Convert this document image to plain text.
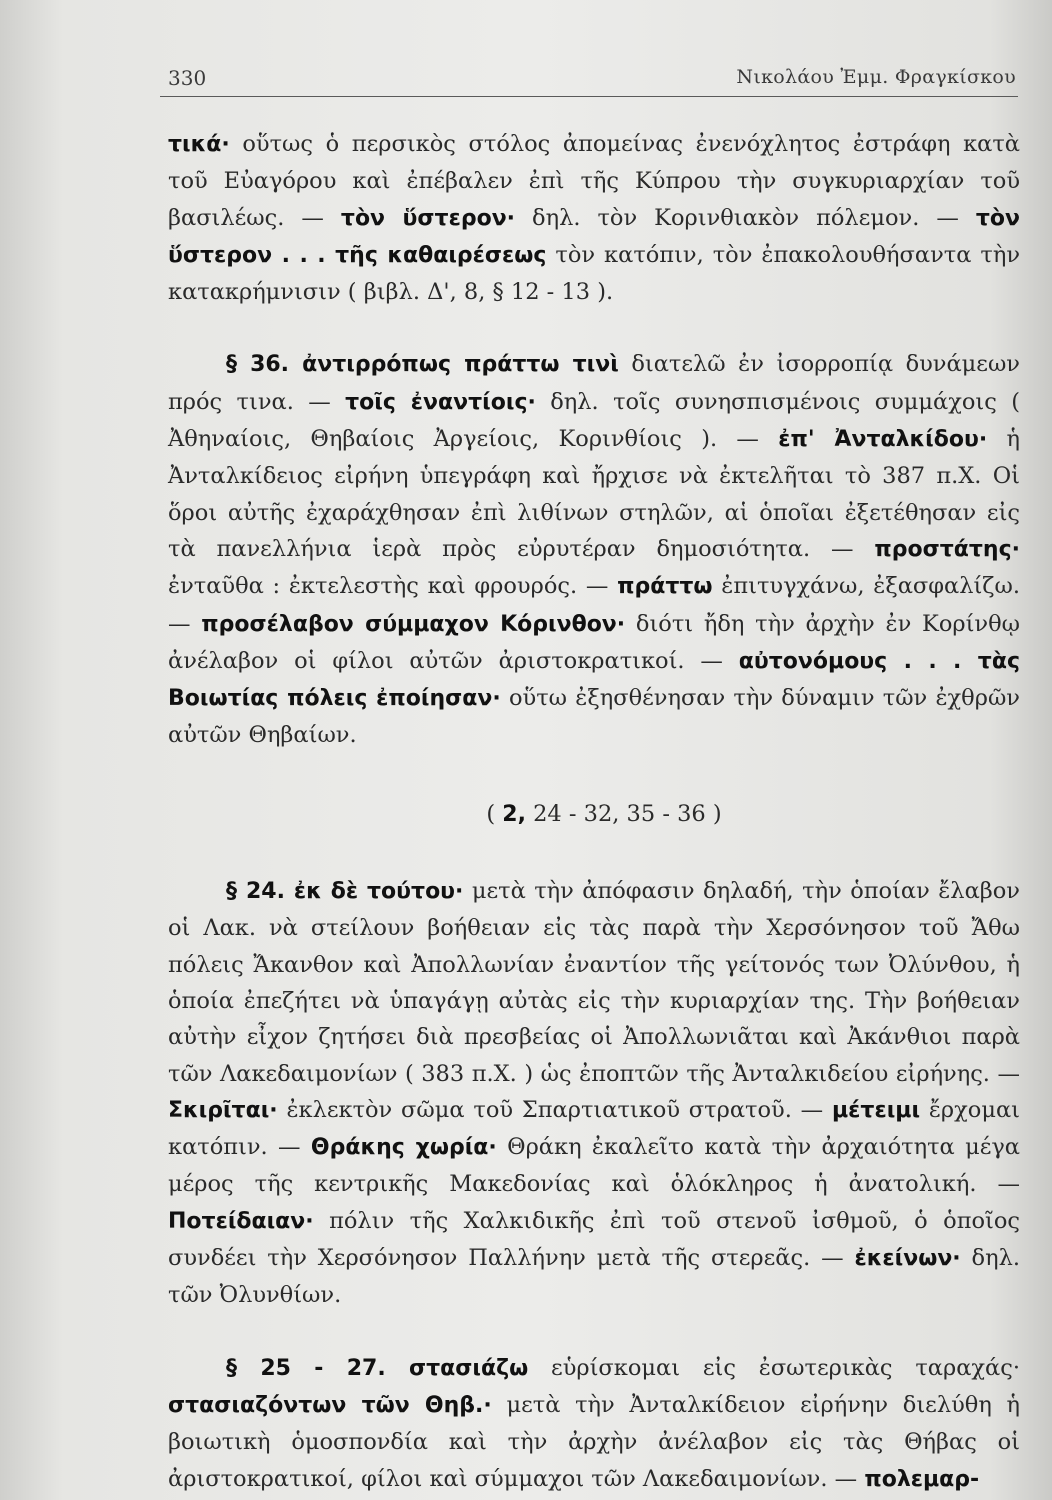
330	Νικολάου Ἐμμ. Φραγκίσκου

τικά· οὕτως ὁ περσικὸς στόλος ἀπομείνας ἐνενόχλητος ἐστράφη κατὰ τοῦ Εὐαγόρου καὶ ἐπέβαλεν ἐπὶ τῆς Κύπρου τὴν συγκυριαρχίαν τοῦ βασιλέως. — τὸν ὕστερον· δηλ. τὸν Κορινθιακὸν πόλεμον. — τὸν ὕστερον . . . τῆς καθαιρέσεως τὸν κατόπιν, τὸν ἐπακολουθήσαντα τὴν κατακρήμνισιν ( βιβλ. Δ', 8, § 12 - 13 ).

§ 36. ἀντιρρόπως πράττω τινὶ διατελῶ ἐν ἰσορροπίᾳ δυνάμεων πρός τινα. — τοῖς ἐναντίοις· δηλ. τοῖς συνησπισμένοις συμμάχοις ( Ἀθηναίοις, Θηβαίοις Ἀργείοις, Κορινθίοις ). — ἐπ' Ἀνταλκίδου· ἡ Ἀνταλκίδειος εἰρήνη ὑπεγράφη καὶ ἤρχισε νὰ ἐκτελῆται τὸ 387 π.Χ. Οἱ ὅροι αὐτῆς ἐχαράχθησαν ἐπὶ λιθίνων στηλῶν, αἱ ὁποῖαι ἐξετέθησαν εἰς τὰ πανελλήνια ἱερὰ πρὸς εὐρυτέραν δημοσιότητα. — προστάτης· ἐνταῦθα : ἐκτελεστὴς καὶ φρουρός. — πράττω ἐπιτυγχάνω, ἐξασφαλίζω. — προσέλαβον σύμμαχον Κόρινθον· διότι ἤδη τὴν ἀρχὴν ἐν Κορίνθῳ ἀνέλαβον οἱ φίλοι αὐτῶν ἀριστοκρατικοί. — αὐτονόμους . . . τὰς Βοιωτίας πόλεις ἐποίησαν· οὕτω ἐξησθένησαν τὴν δύναμιν τῶν ἐχθρῶν αὐτῶν Θηβαίων.

( 2, 24 - 32, 35 - 36 )

§ 24. ἐκ δὲ τούτου· μετὰ τὴν ἀπόφασιν δηλαδή, τὴν ὁποίαν ἔλαβον οἱ Λακ. νὰ στείλουν βοήθειαν εἰς τὰς παρὰ τὴν Χερσόνησον τοῦ Ἄθω πόλεις Ἄκανθον καὶ Ἀπολλωνίαν ἐναντίον τῆς γείτονός των Ὀλύνθου, ἡ ὁποία ἐπεζήτει νὰ ὑπαγάγῃ αὐτὰς εἰς τὴν κυριαρχίαν της. Τὴν βοήθειαν αὐτὴν εἶχον ζητήσει διὰ πρεσβείας οἱ Ἀπολλωνιᾶται καὶ Ἀκάνθιοι παρὰ τῶν Λακεδαιμονίων ( 383 π.Χ. ) ὡς ἐποπτῶν τῆς Ἀνταλκιδείου εἰρήνης. — Σκιρῖται· ἐκλεκτὸν σῶμα τοῦ Σπαρτιατικοῦ στρατοῦ. — μέτειμι ἔρχομαι κατόπιν. — Θράκης χωρία· Θράκη ἐκαλεῖτο κατὰ τὴν ἀρχαιότητα μέγα μέρος τῆς κεντρικῆς Μακεδονίας καὶ ὁλόκληρος ἡ ἀνατολική. — Ποτείδαιαν· πόλιν τῆς Χαλκιδικῆς ἐπὶ τοῦ στενοῦ ἰσθμοῦ, ὁ ὁποῖος συνδέει τὴν Χερσόνησον Παλλήνην μετὰ τῆς στερεᾶς. — ἐκείνων· δηλ. τῶν Ὀλυνθίων.

§ 25 - 27. στασιάζω εὑρίσκομαι εἰς ἐσωτερικὰς ταραχάς· στασιαζόντων τῶν Θηβ.· μετὰ τὴν Ἀνταλκίδειον εἰρήνην διελύθη ἡ βοιωτικὴ ὁμοσπονδία καὶ τὴν ἀρχὴν ἀνέλαβον εἰς τὰς Θήβας οἱ ἀριστοκρατικοί, φίλοι καὶ σύμμαχοι τῶν Λακεδαιμονίων. — πολεμαρ-
